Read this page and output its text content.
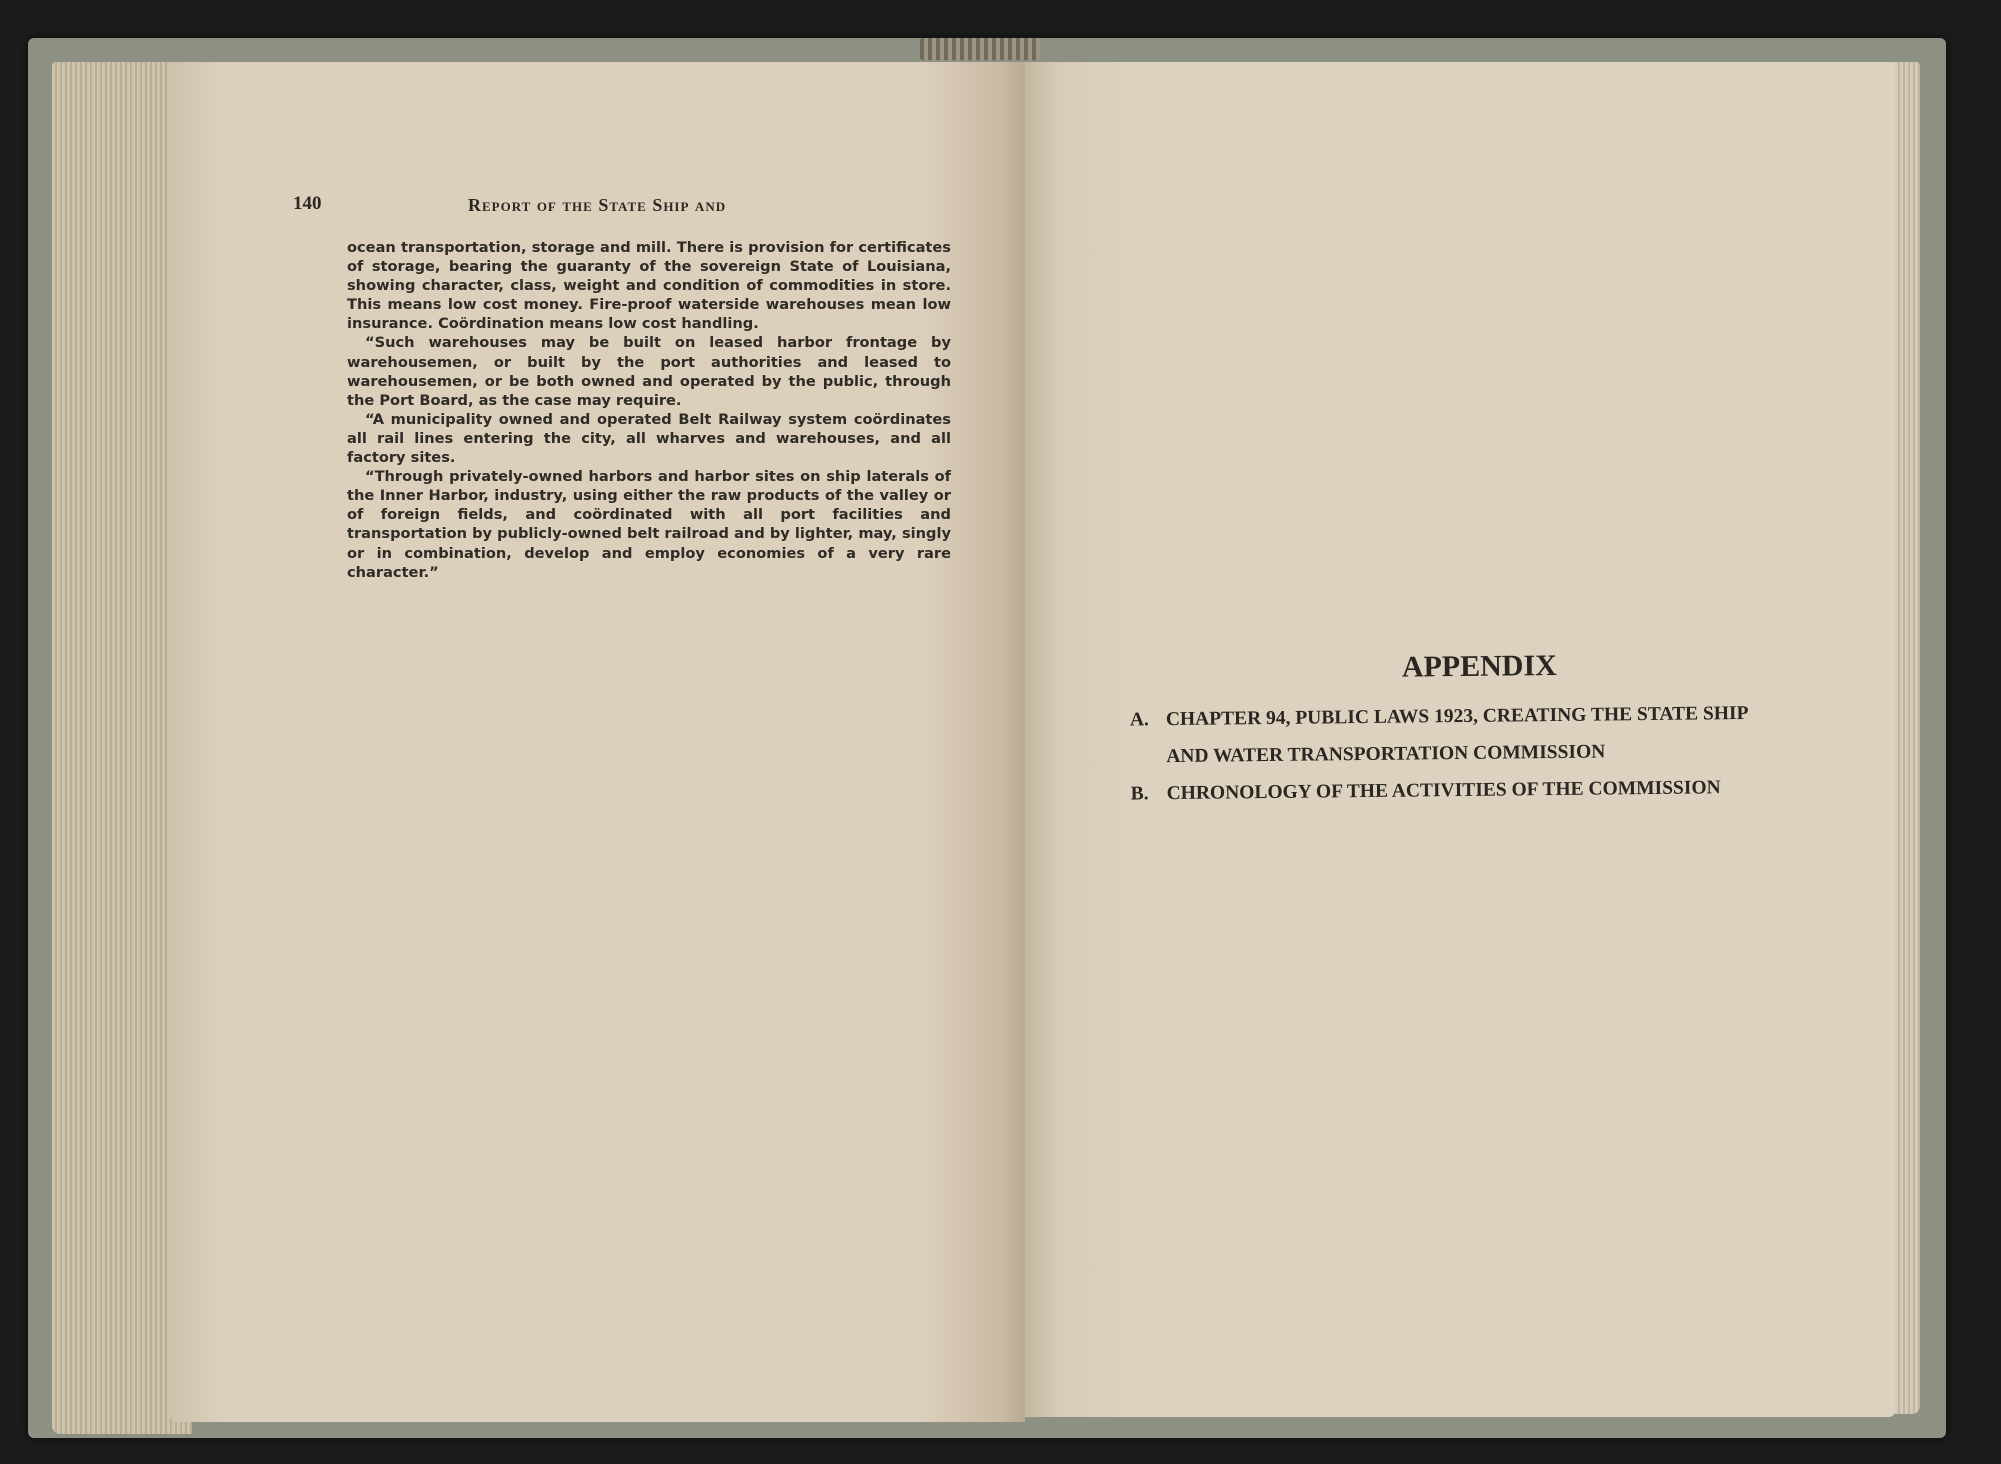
140	Report of the State Ship and

ocean transportation, storage and mill. There is provision for certificates of storage, bearing the guaranty of the sovereign State of Louisiana, showing character, class, weight and condition of commodities in store. This means low cost money. Fire-proof waterside warehouses mean low insurance. Coördination means low cost handling.

“Such warehouses may be built on leased harbor frontage by warehousemen, or built by the port authorities and leased to warehousemen, or be both owned and operated by the public, through the Port Board, as the case may require.

“A municipality owned and operated Belt Railway system coördinates all rail lines entering the city, all wharves and warehouses, and all factory sites.

“Through privately-owned harbors and harbor sites on ship laterals of the Inner Harbor, industry, using either the raw products of the valley or of foreign fields, and coördinated with all port facilities and transportation by publicly-owned belt railroad and by lighter, may, singly or in combination, develop and employ economies of a very rare character.”

APPENDIX
A. CHAPTER 94, PUBLIC LAWS 1923, CREATING THE STATE SHIP AND WATER TRANSPORTATION COMMISSION
B. CHRONOLOGY OF THE ACTIVITIES OF THE COMMISSION
